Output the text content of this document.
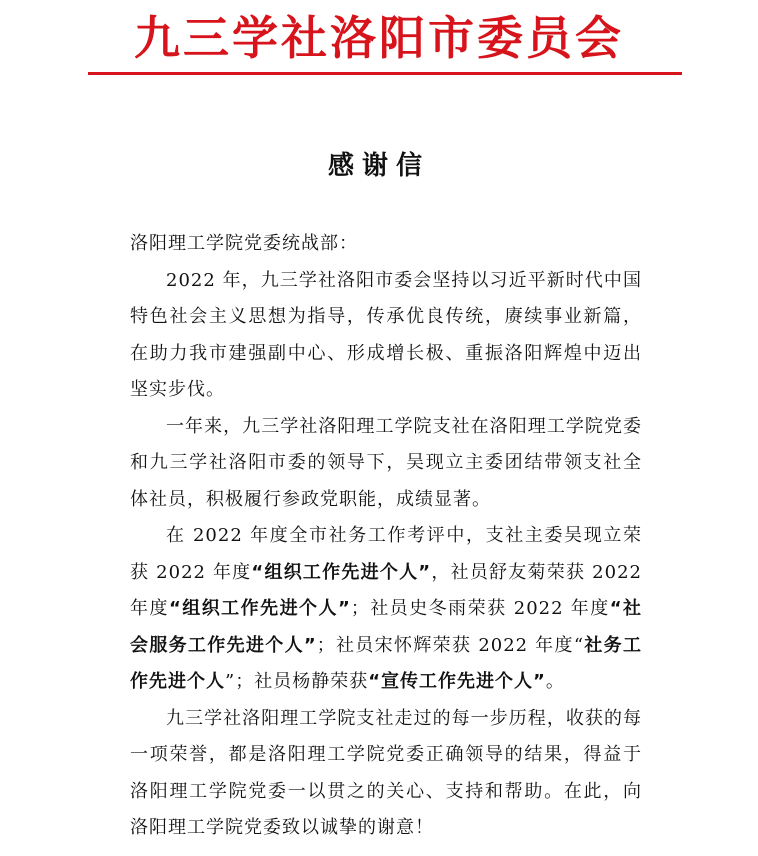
九三学社洛阳市委员会
感谢信

洛阳理工学院党委统战部：

2022 年，九三学社洛阳市委会坚持以习近平新时代中国特色社会主义思想为指导，传承优良传统，赓续事业新篇，在助力我市建强副中心、形成增长极、重振洛阳辉煌中迈出坚实步伐。

一年来，九三学社洛阳理工学院支社在洛阳理工学院党委和九三学社洛阳市委的领导下，吴现立主委团结带领支社全体社员，积极履行参政党职能，成绩显著。

在 2022 年度全市社务工作考评中，支社主委吴现立荣获 2022 年度“组织工作先进个人”，社员舒友菊荣获 2022 年度“组织工作先进个人”；社员史冬雨荣获 2022 年度“社会服务工作先进个人”；社员宋怀辉荣获 2022 年度“社务工作先进个人”；社员杨静荣获“宣传工作先进个人”。

九三学社洛阳理工学院支社走过的每一步历程，收获的每一项荣誉，都是洛阳理工学院党委正确领导的结果，得益于洛阳理工学院党委一以贯之的关心、支持和帮助。在此，向洛阳理工学院党委致以诚挚的谢意！
